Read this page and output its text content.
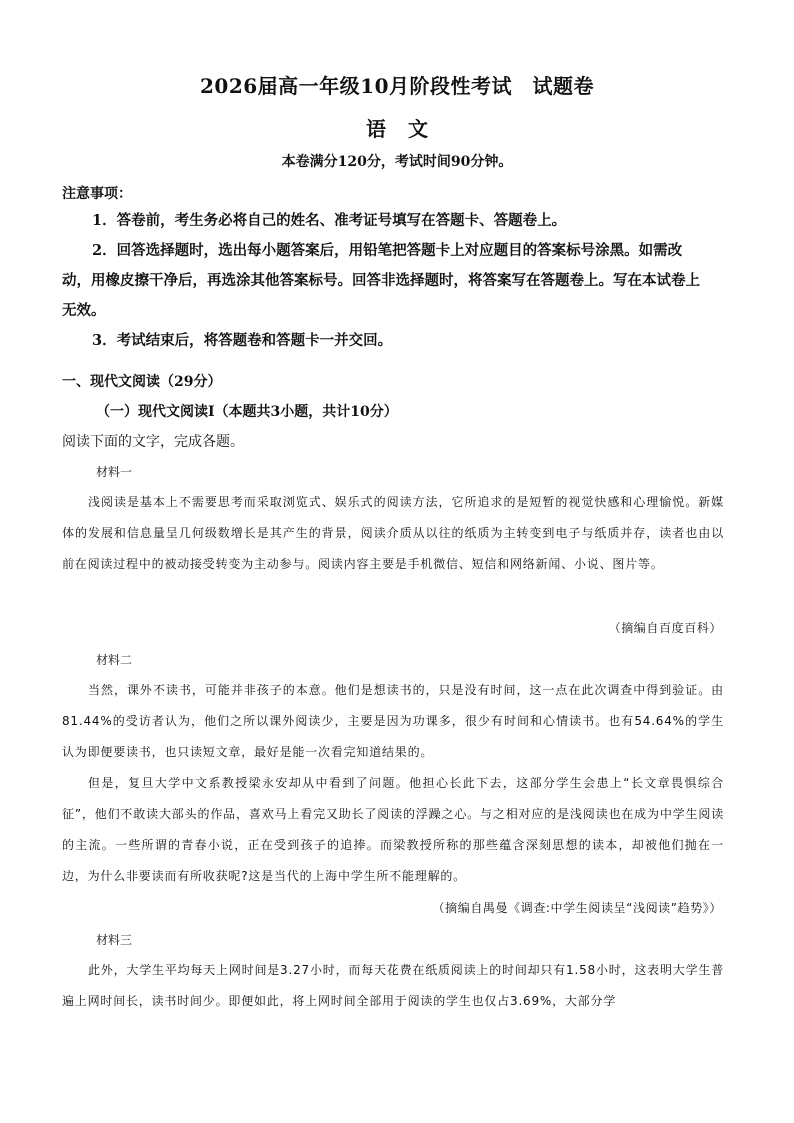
2026届高一年级10月阶段性考试　试题卷
语文
本卷满分120分，考试时间90分钟。
注意事项：

1．答卷前，考生务必将自己的姓名、准考证号填写在答题卡、答题卷上。

2．回答选择题时，选出每小题答案后，用铅笔把答题卡上对应题目的答案标号涂黑。如需改动，用橡皮擦干净后，再选涂其他答案标号。回答非选择题时，将答案写在答题卷上。写在本试卷上无效。

3．考试结束后，将答题卷和答题卡一并交回。

一、现代文阅读（29分）
（一）现代文阅读Ⅰ（本题共3小题，共计10分）
阅读下面的文字，完成各题。
材料一

浅阅读是基本上不需要思考而采取浏览式、娱乐式的阅读方法，它所追求的是短暂的视觉快感和心理愉悦。新媒体的发展和信息量呈几何级数增长是其产生的背景，阅读介质从以往的纸质为主转变到电子与纸质并存，读者也由以前在阅读过程中的被动接受转变为主动参与。阅读内容主要是手机微信、短信和网络新闻、小说、图片等。

（摘编自百度百科）
材料二

当然，课外不读书，可能并非孩子的本意。他们是想读书的，只是没有时间，这一点在此次调查中得到验证。由81.44%的受访者认为，他们之所以课外阅读少，主要是因为功课多，很少有时间和心情读书。也有54.64%的学生认为即便要读书，也只读短文章，最好是能一次看完知道结果的。

但是，复旦大学中文系教授梁永安却从中看到了问题。他担心长此下去，这部分学生会患上“长文章畏惧综合征”，他们不敢读大部头的作品，喜欢马上看完又助长了阅读的浮躁之心。与之相对应的是浅阅读也在成为中学生阅读的主流。一些所谓的青春小说，正在受到孩子的追捧。而梁教授所称的那些蕴含深刻思想的读本，却被他们抛在一边，为什么非要读而有所收获呢?这是当代的上海中学生所不能理解的。

（摘编自禺曼《调查:中学生阅读呈“浅阅读”趋势》）
材料三

此外，大学生平均每天上网时间是3.27小时，而每天花费在纸质阅读上的时间却只有1.58小时，这表明大学生普遍上网时间长，读书时间少。即便如此，将上网时间全部用于阅读的学生也仅占3.69%，大部分学
